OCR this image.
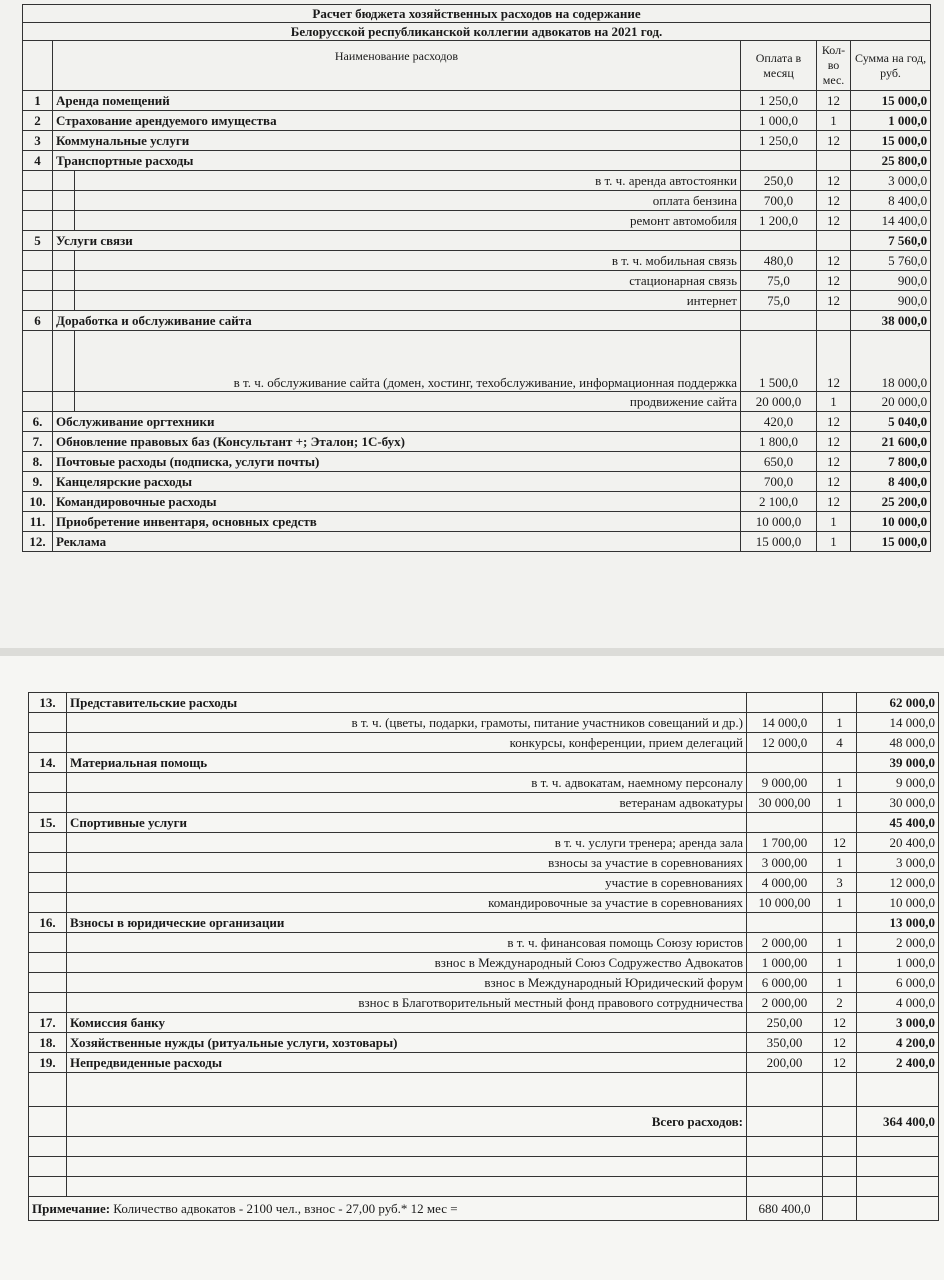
Расчет бюджета хозяйственных расходов на содержание					
Белорусской республиканской коллегии адвокатов на 2021 год.					
	Наименование расходов		Оплата в месяц	Кол-во мес.	Сумма на год, руб.
1	Аренда помещений		1 250,0	12	15 000,0
2	Страхование арендуемого имущества		1 000,0	1	1 000,0
3	Коммунальные услуги		1 250,0	12	15 000,0
4	Транспортные расходы				25 800,0
		в т. ч. аренда автостоянки	250,0	12	3 000,0
		оплата бензина	700,0	12	8 400,0
		ремонт автомобиля	1 200,0	12	14 400,0
5	Услуги связи				7 560,0
		в т. ч. мобильная связь	480,0	12	5 760,0
		стационарная связь	75,0	12	900,0
		интернет	75,0	12	900,0
6	Доработка и обслуживание сайта				38 000,0
		в т. ч. обслуживание сайта (домен, хостинг, техобслуживание, информационная поддержка	1 500,0	12	18 000,0
		продвижение сайта	20 000,0	1	20 000,0
6.	Обслуживание оргтехники		420,0	12	5 040,0
7.	Обновление правовых баз (Консультант +; Эталон; 1С-бух)		1 800,0	12	21 600,0
8.	Почтовые расходы (подписка, услуги почты)		650,0	12	7 800,0
9.	Канцелярские расходы		700,0	12	8 400,0
10.	Командировочные расходы		2 100,0	12	25 200,0
11.	Приобретение инвентаря, основных средств		10 000,0	1	10 000,0
12.	Реклама		15 000,0	1	15 000,0
13.	Представительские расходы			62 000,0
	в т. ч. (цветы, подарки, грамоты, питание участников совещаний и др.)	14 000,0	1	14 000,0
	конкурсы, конференции, прием делегаций	12 000,0	4	48 000,0
14.	Материальная помощь			39 000,0
	в т. ч. адвокатам, наемному персоналу	9 000,00	1	9 000,0
	ветеранам адвокатуры	30 000,00	1	30 000,0
15.	Спортивные услуги			45 400,0
	в т. ч. услуги тренера; аренда зала	1 700,00	12	20 400,0
	взносы за участие в соревнованиях	3 000,00	1	3 000,0
	участие в соревнованиях	4 000,00	3	12 000,0
	командировочные за участие в соревнованиях	10 000,00	1	10 000,0
16.	Взносы в юридические организации			13 000,0
	в т. ч. финансовая помощь Союзу юристов	2 000,00	1	2 000,0
	взнос в Международный Союз Содружество Адвокатов	1 000,00	1	1 000,0
	взнос в Международный Юридический форум	6 000,00	1	6 000,0
	взнос в Благотворительный местный фонд правового сотрудничества	2 000,00	2	4 000,0
17.	Комиссия банку	250,00	12	3 000,0
18.	Хозяйственные нужды (ритуальные услуги, хозтовары)	350,00	12	4 200,0
19.	Непредвиденные расходы	200,00	12	2 400,0

	Всего расходов:			364 400,0

Примечание: Количество адвокатов - 2100 чел., взнос - 27,00 руб.* 12 мес =		680 400,0		
